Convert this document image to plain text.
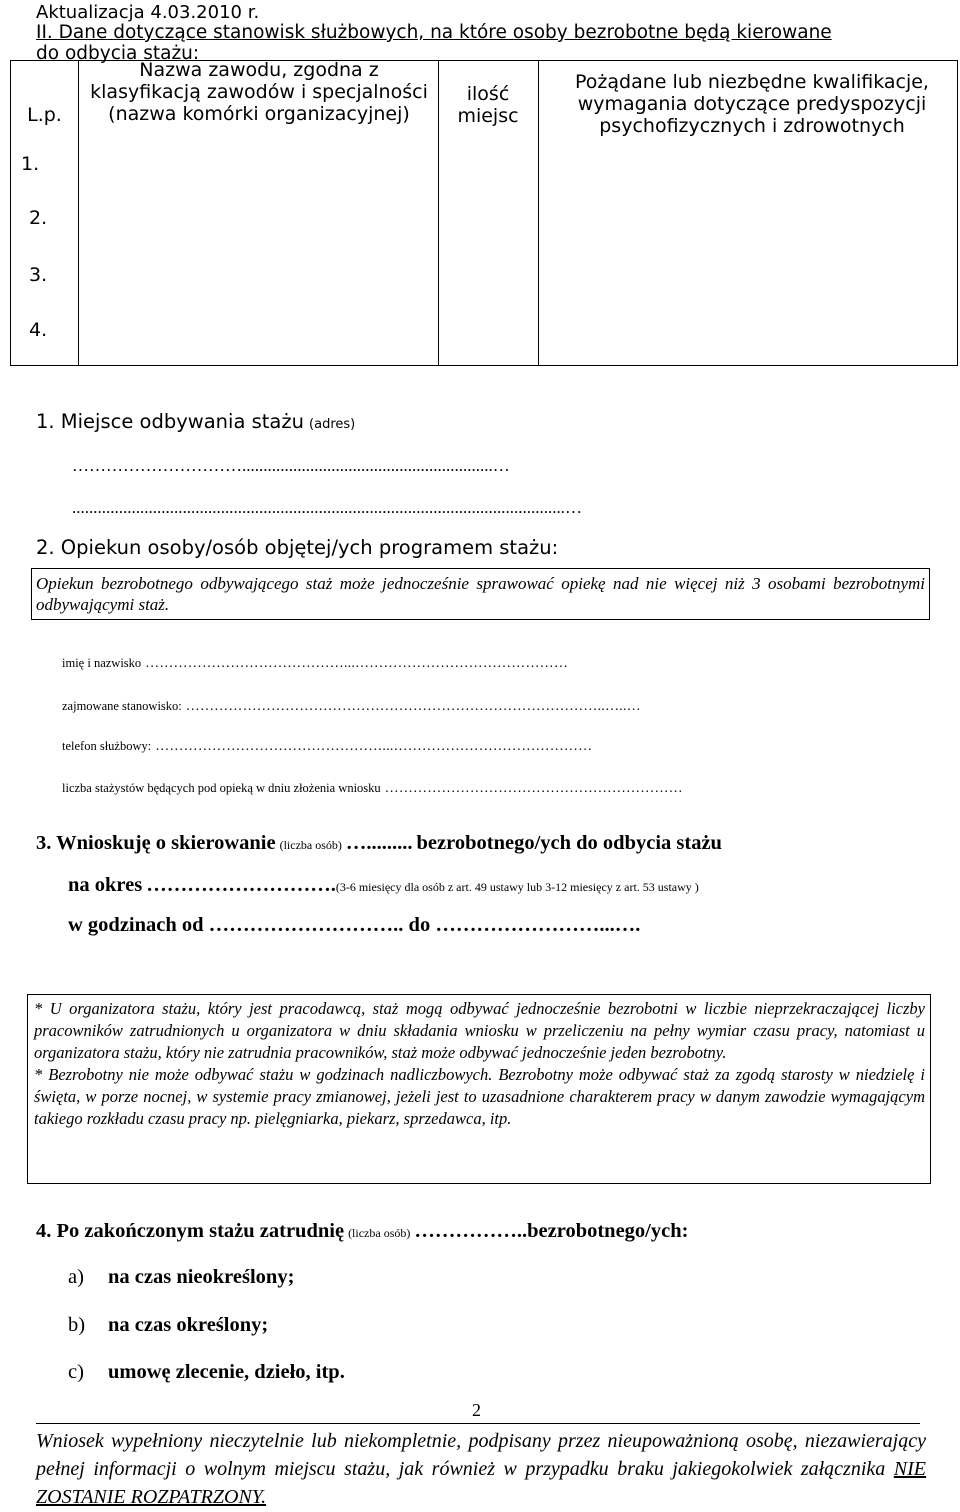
Aktualizacja 4.03.2010 r.
II. Dane dotyczące stanowisk służbowych, na które osoby bezrobotne będą kierowane do odbycia stażu:
L.p.
Nazwa zawodu, zgodna z klasyfikacją zawodów i specjalności (nazwa komórki organizacyjnej)
ilość miejsc
Pożądane lub niezbędne kwalifikacje, wymagania dotyczące predyspozycji psychofizycznych i zdrowotnych
1.
2.
3.
4.
1. Miejsce odbywania stażu (adres)
…………………………...........................................................…
....................................................................................................................…
2. Opiekun osoby/osób objętej/ych programem stażu:
Opiekun bezrobotnego odbywającego staż może jednocześnie sprawować opiekę nad nie więcej niż 3 osobami bezrobotnymi odbywającymi staż.
imię i nazwisko ……………………………………...………………………………………
zajmowane stanowisko: ……………………………………………………………………………..…..…
telefon służbowy: …………………………………………...……………………………………
liczba stażystów będących pod opieką w dniu złożenia wniosku ………………………………………………………
3. Wnioskuję o skierowanie (liczba osób) …......... bezrobotnego/ych do odbycia stażu
na okres ……………………….(3-6 miesięcy dla osób z art. 49 ustawy lub 3-12 miesięcy z art. 53 ustawy )
w godzinach od ……………………….. do ……………………...….
* U organizatora stażu, który jest pracodawcą, staż mogą odbywać jednocześnie bezrobotni w liczbie nieprzekraczającej liczby pracowników zatrudnionych u organizatora w dniu składania wniosku w przeliczeniu na pełny wymiar czasu pracy, natomiast u organizatora stażu, który nie zatrudnia pracowników, staż może odbywać jednocześnie jeden bezrobotny.
* Bezrobotny nie może odbywać stażu w godzinach nadliczbowych. Bezrobotny może odbywać staż za zgodą starosty w niedzielę i święta, w porze nocnej, w systemie pracy zmianowej, jeżeli jest to uzasadnione charakterem pracy w danym zawodzie wymagającym takiego rozkładu czasu pracy np. pielęgniarka, piekarz, sprzedawca, itp.
4. Po zakończonym stażu zatrudnię (liczba osób) ……………..bezrobotnego/ych:
a) na czas nieokreślony;
b) na czas określony;
c) umowę zlecenie, dzieło, itp.
2
Wniosek wypełniony nieczytelnie lub niekompletnie, podpisany przez nieupoważnioną osobę, niezawierający pełnej informacji o wolnym miejscu stażu, jak również w przypadku braku jakiegokolwiek załącznika NIE ZOSTANIE ROZPATRZONY.
